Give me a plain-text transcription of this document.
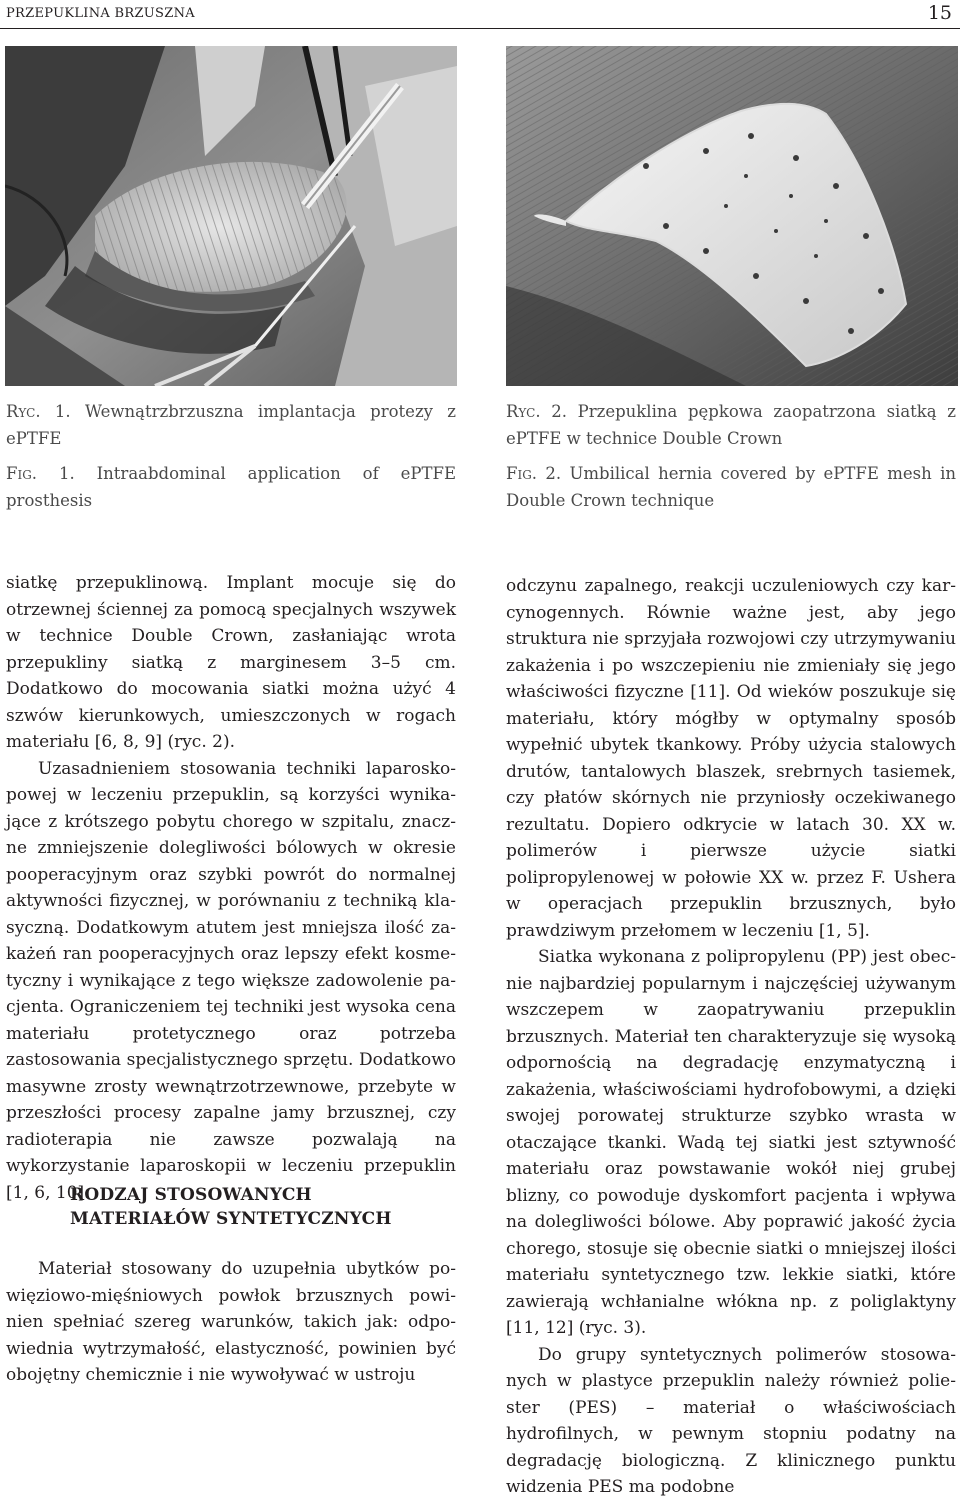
PRZEPUKLINA BRZUSZNA	15

Ryc. 1. Wewnątrzbrzuszna implantacja protezy z ePTFE

Fig. 1. Intraabdominal application of ePTFE prosthesis

Ryc. 2. Przepuklina pępkowa zaopatrzona siatką z ePTFE w technice Double Crown

Fig. 2. Umbilical hernia covered by ePTFE mesh in Double Crown technique

siatkę przepuklinową. Implant mocuje się do otrzewnej ściennej za pomocą specjalnych wszywek w technice Double Crown, zasłaniając wrota przepukliny siatką z marginesem 3–5 cm. Dodatkowo do mocowania siatki można użyć 4 szwów kierunkowych, umieszczonych w rogach materiału [6, 8, 9] (ryc. 2).

Uzasadnieniem stosowania techniki laparoskopowej w leczeniu przepuklin, są korzyści wynikające z krótszego pobytu chorego w szpitalu, znaczne zmniejszenie dolegliwości bólowych w okresie pooperacyjnym oraz szybki powrót do normalnej aktywności fizycznej, w porównaniu z techniką klasyczną. Dodatkowym atutem jest mniejsza ilość zakażeń ran pooperacyjnych oraz lepszy efekt kosmetyczny i wynikające z tego większe zadowolenie pacjenta. Ograniczeniem tej techniki jest wysoka cena materiału protetycznego oraz potrzeba zastosowania specjalistycznego sprzętu. Dodatkowo masywne zrosty wewnątrzotrzewnowe, przebyte w przeszłości procesy zapalne jamy brzusznej, czy radioterapia nie zawsze pozwalają na wykorzystanie laparoskopii w leczeniu przepuklin [1, 6, 10].

RODZAJ STOSOWANYCH
MATERIAŁÓW SYNTETYCZNYCH

Materiał stosowany do uzupełnia ubytków powięziowo-mięśniowych powłok brzusznych powinien spełniać szereg warunków, takich jak: odpowiednia wytrzymałość, elastyczność, powinien być obojętny chemicznie i nie wywoływać w ustroju

odczynu zapalnego, reakcji uczuleniowych czy karcynogennych. Równie ważne jest, aby jego struktura nie sprzyjała rozwojowi czy utrzymywaniu zakażenia i po wszczepieniu nie zmieniały się jego właściwości fizyczne [11]. Od wieków poszukuje się materiału, który mógłby w optymalny sposób wypełnić ubytek tkankowy. Próby użycia stalowych drutów, tantalowych blaszek, srebrnych tasiemek, czy płatów skórnych nie przyniosły oczekiwanego rezultatu. Dopiero odkrycie w latach 30. XX w. polimerów i pierwsze użycie siatki polipropylenowej w połowie XX w. przez F. Ushera w operacjach przepuklin brzusznych, było prawdziwym przełomem w leczeniu [1, 5].

Siatka wykonana z polipropylenu (PP) jest obecnie najbardziej popularnym i najczęściej używanym wszczepem w zaopatrywaniu przepuklin brzusznych. Materiał ten charakteryzuje się wysoką odpornością na degradację enzymatyczną i zakażenia, właściwościami hydrofobowymi, a dzięki swojej porowatej strukturze szybko wrasta w otaczające tkanki. Wadą tej siatki jest sztywność materiału oraz powstawanie wokół niej grubej blizny, co powoduje dyskomfort pacjenta i wpływa na dolegliwości bólowe. Aby poprawić jakość życia chorego, stosuje się obecnie siatki o mniejszej ilości materiału syntetycznego tzw. lekkie siatki, które zawierają wchłanialne włókna np. z poliglaktyny [11, 12] (ryc. 3).

Do grupy syntetycznych polimerów stosowanych w plastyce przepuklin należy również poliester (PES) – materiał o właściwościach hydrofilnych, w pewnym stopniu podatny na degradację biologiczną. Z klinicznego punktu widzenia PES ma podobne
